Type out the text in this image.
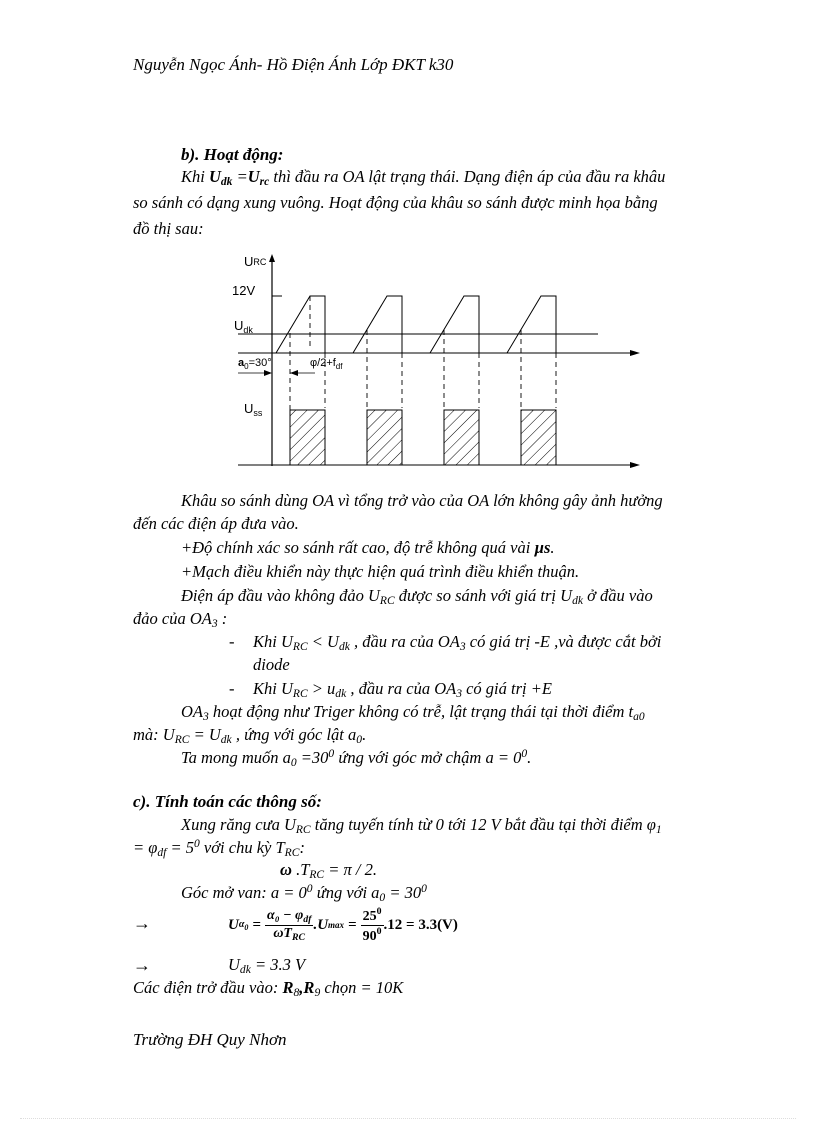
Nguyễn Ngọc Ánh- Hồ Điện Ánh Lớp ĐKT k30
b). Hoạt động:
Khi $U_{dk} =U_{rc}$ thì đầu ra OA lật trạng thái. Dạng điện áp của đầu ra khâu
so sánh có dạng xung vuông. Hoạt động của khâu so sánh được minh họa bằng
đồ thị sau:
URC
12V
$U_{dk}$
$a_0=30^\circ$	$\varphi/2+f_{df}$
$U_{ss}$
Khâu so sánh dùng OA vì tổng trở vào của OA lớn không gây ảnh hưởng
đến các điện áp đưa vào.
+Độ chính xác so sánh rất cao, độ trễ không quá vài µs.
+Mạch điều khiển này thực hiện quá trình điều khiển thuận.
Điện áp đầu vào không đảo $U_{RC}$ được so sánh với giá trị $U_{dk}$ ở đầu vào
đảo của $OA_3$ :
- Khi $U_{RC} < U_{dk}$ , đầu ra của $OA_3$ có giá trị -E ,và được cắt bởi
diode
- Khi $U_{RC} > u_{dk}$ , đầu ra của $OA_3$ có giá trị +E
$OA_3$ hoạt động như Triger không có trễ, lật trạng thái tại thời điểm $t_{a0}$
mà: $U_{RC} = U_{dk}$ , ứng với góc lật $a_0$.
Ta mong muốn $a_0 =30^0$ ứng với góc mở chậm $a = 0^0$.
c). Tính toán các thông số:
Xung răng cưa $U_{RC}$ tăng tuyến tính từ 0 tới 12 V bắt đầu tại thời điểm $\varphi_1$
= $\varphi_{df} = 5^0$ với chu kỳ $T_{RC}$:
ω $.T_{RC} = \pi / 2$.
Góc mở van: $a = 0^0$ ứng với $a_0 = 30^0$
→	U $\alpha_0$ =
$\alpha_0 - \varphi_{df}$
$\omega T_{RC}$
.U $\max = \frac{25^0}{90^0} .12 = 3.3(V)$
→	$U_{dk} = 3.3$ V
Các điện trở đầu vào: $R_8,R_9$ chọn = 10K
Trường ĐH Quy Nhơn
